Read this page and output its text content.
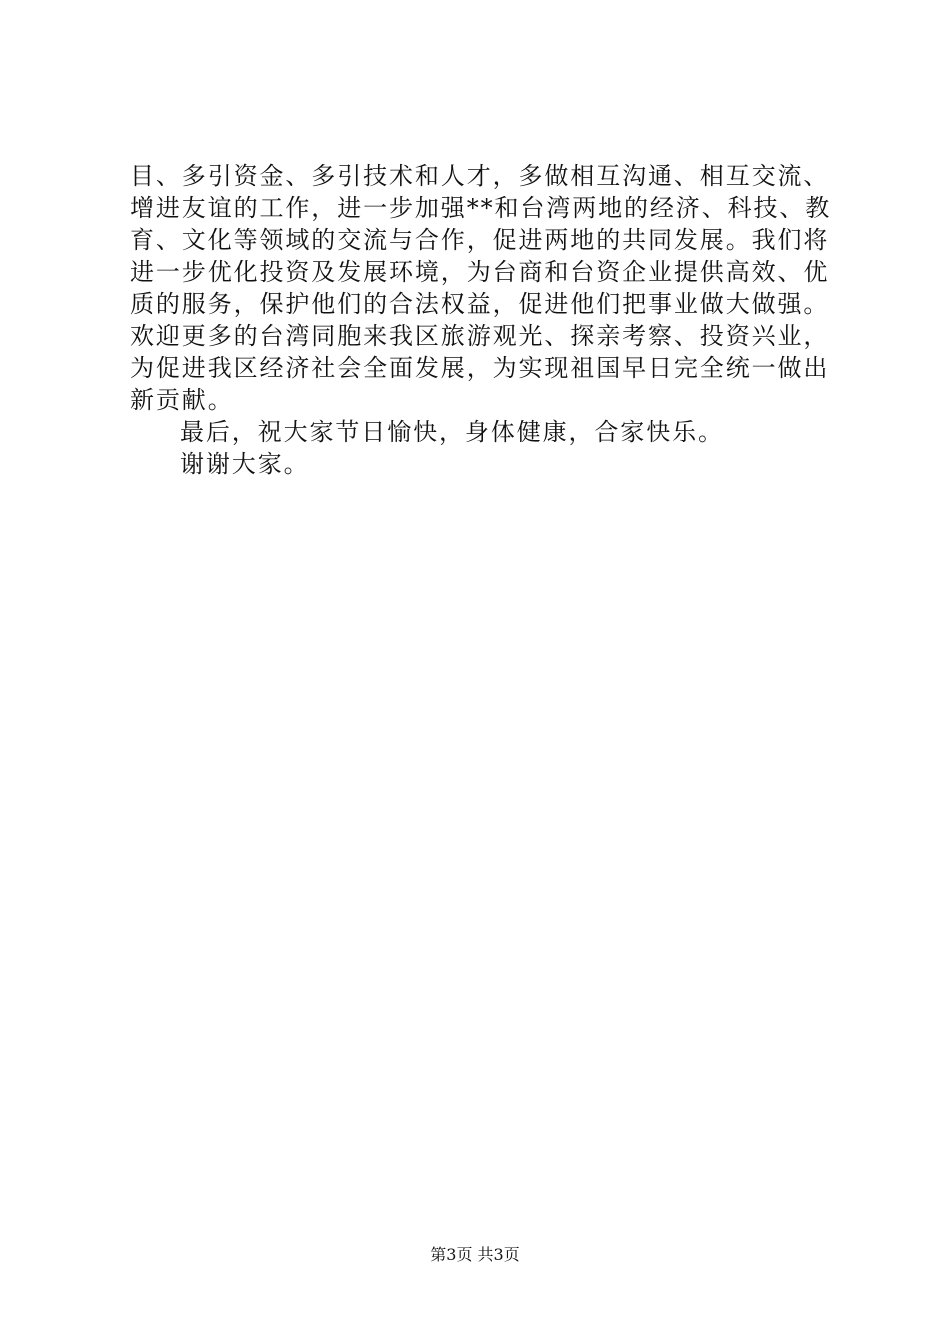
目、多引资金、多引技术和人才，多做相互沟通、相互交流、
增进友谊的工作，进一步加强**和台湾两地的经济、科技、教
育、文化等领域的交流与合作，促进两地的共同发展。我们将
进一步优化投资及发展环境，为台商和台资企业提供高效、优
质的服务，保护他们的合法权益，促进他们把事业做大做强。
欢迎更多的台湾同胞来我区旅游观光、探亲考察、投资兴业，
为促进我区经济社会全面发展，为实现祖国早日完全统一做出
新贡献。
最后，祝大家节日愉快，身体健康，合家快乐。
谢谢大家。
第3页 共3页
